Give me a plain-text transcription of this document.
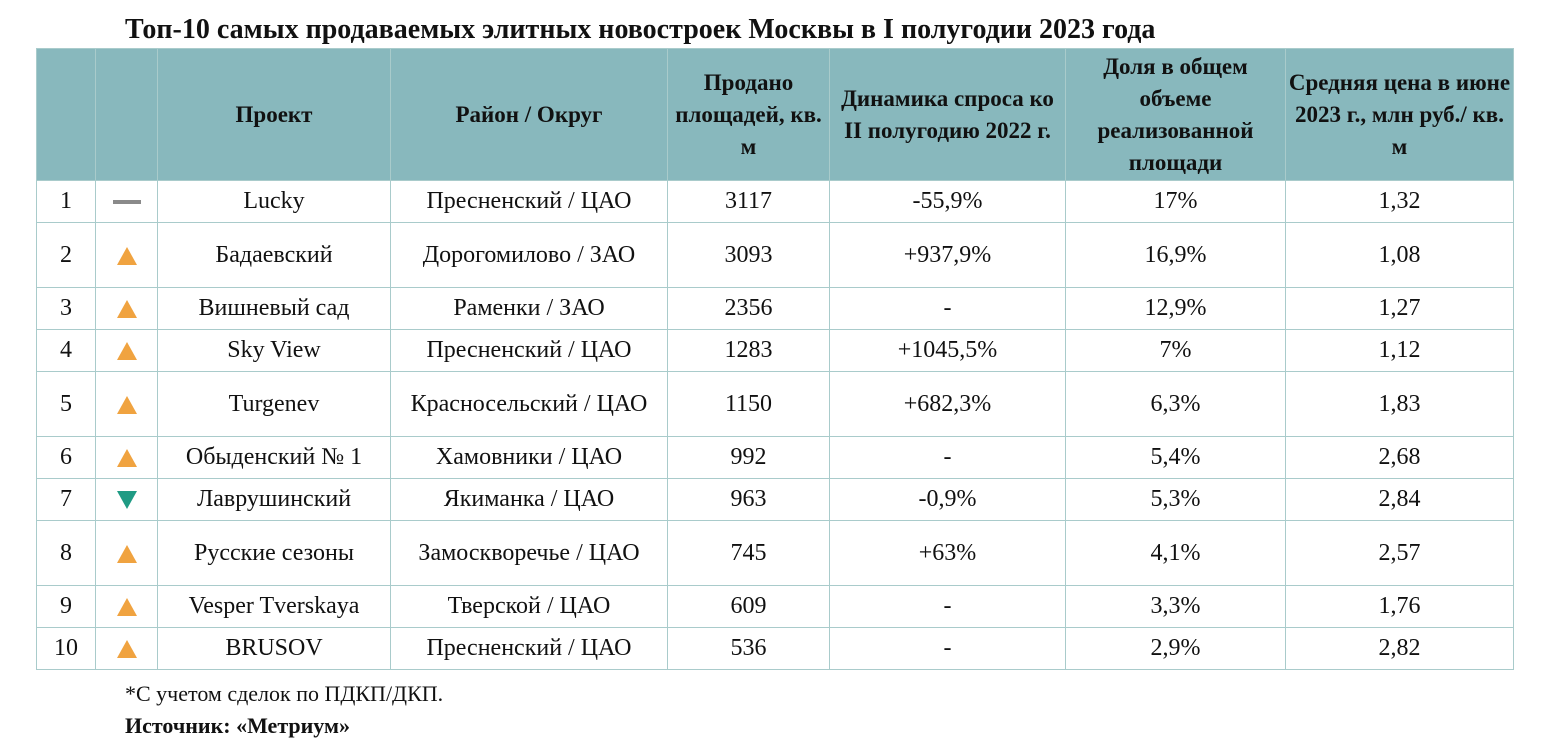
Топ-10 самых продаваемых элитных новостроек Москвы в I полугодии 2023 года
		Проект	Район / Округ	Продано площадей, кв. м	Динамика спроса ко II полугодию 2022 г.	Доля в общем объеме реализованной площади	Средняя цена в июне 2023 г., млн руб./ кв. м
1		Lucky	Пресненский / ЦАО	3117	-55,9%	17%	1,32
2		Бадаевский	Дорогомилово / ЗАО	3093	+937,9%	16,9%	1,08
3		Вишневый сад	Раменки / ЗАО	2356	-	12,9%	1,27
4		Sky View	Пресненский / ЦАО	1283	+1045,5%	7%	1,12
5		Turgenev	Красносельский / ЦАО	1150	+682,3%	6,3%	1,83
6		Обыденский № 1	Хамовники / ЦАО	992	-	5,4%	2,68
7		Лаврушинский	Якиманка / ЦАО	963	-0,9%	5,3%	2,84
8		Русские сезоны	Замоскворечье / ЦАО	745	+63%	4,1%	2,57
9		Vesper Tverskaya	Тверской / ЦАО	609	-	3,3%	1,76
10		BRUSOV	Пресненский / ЦАО	536	-	2,9%	2,82
*С учетом сделок по ПДКП/ДКП.
Источник: «Метриум»
